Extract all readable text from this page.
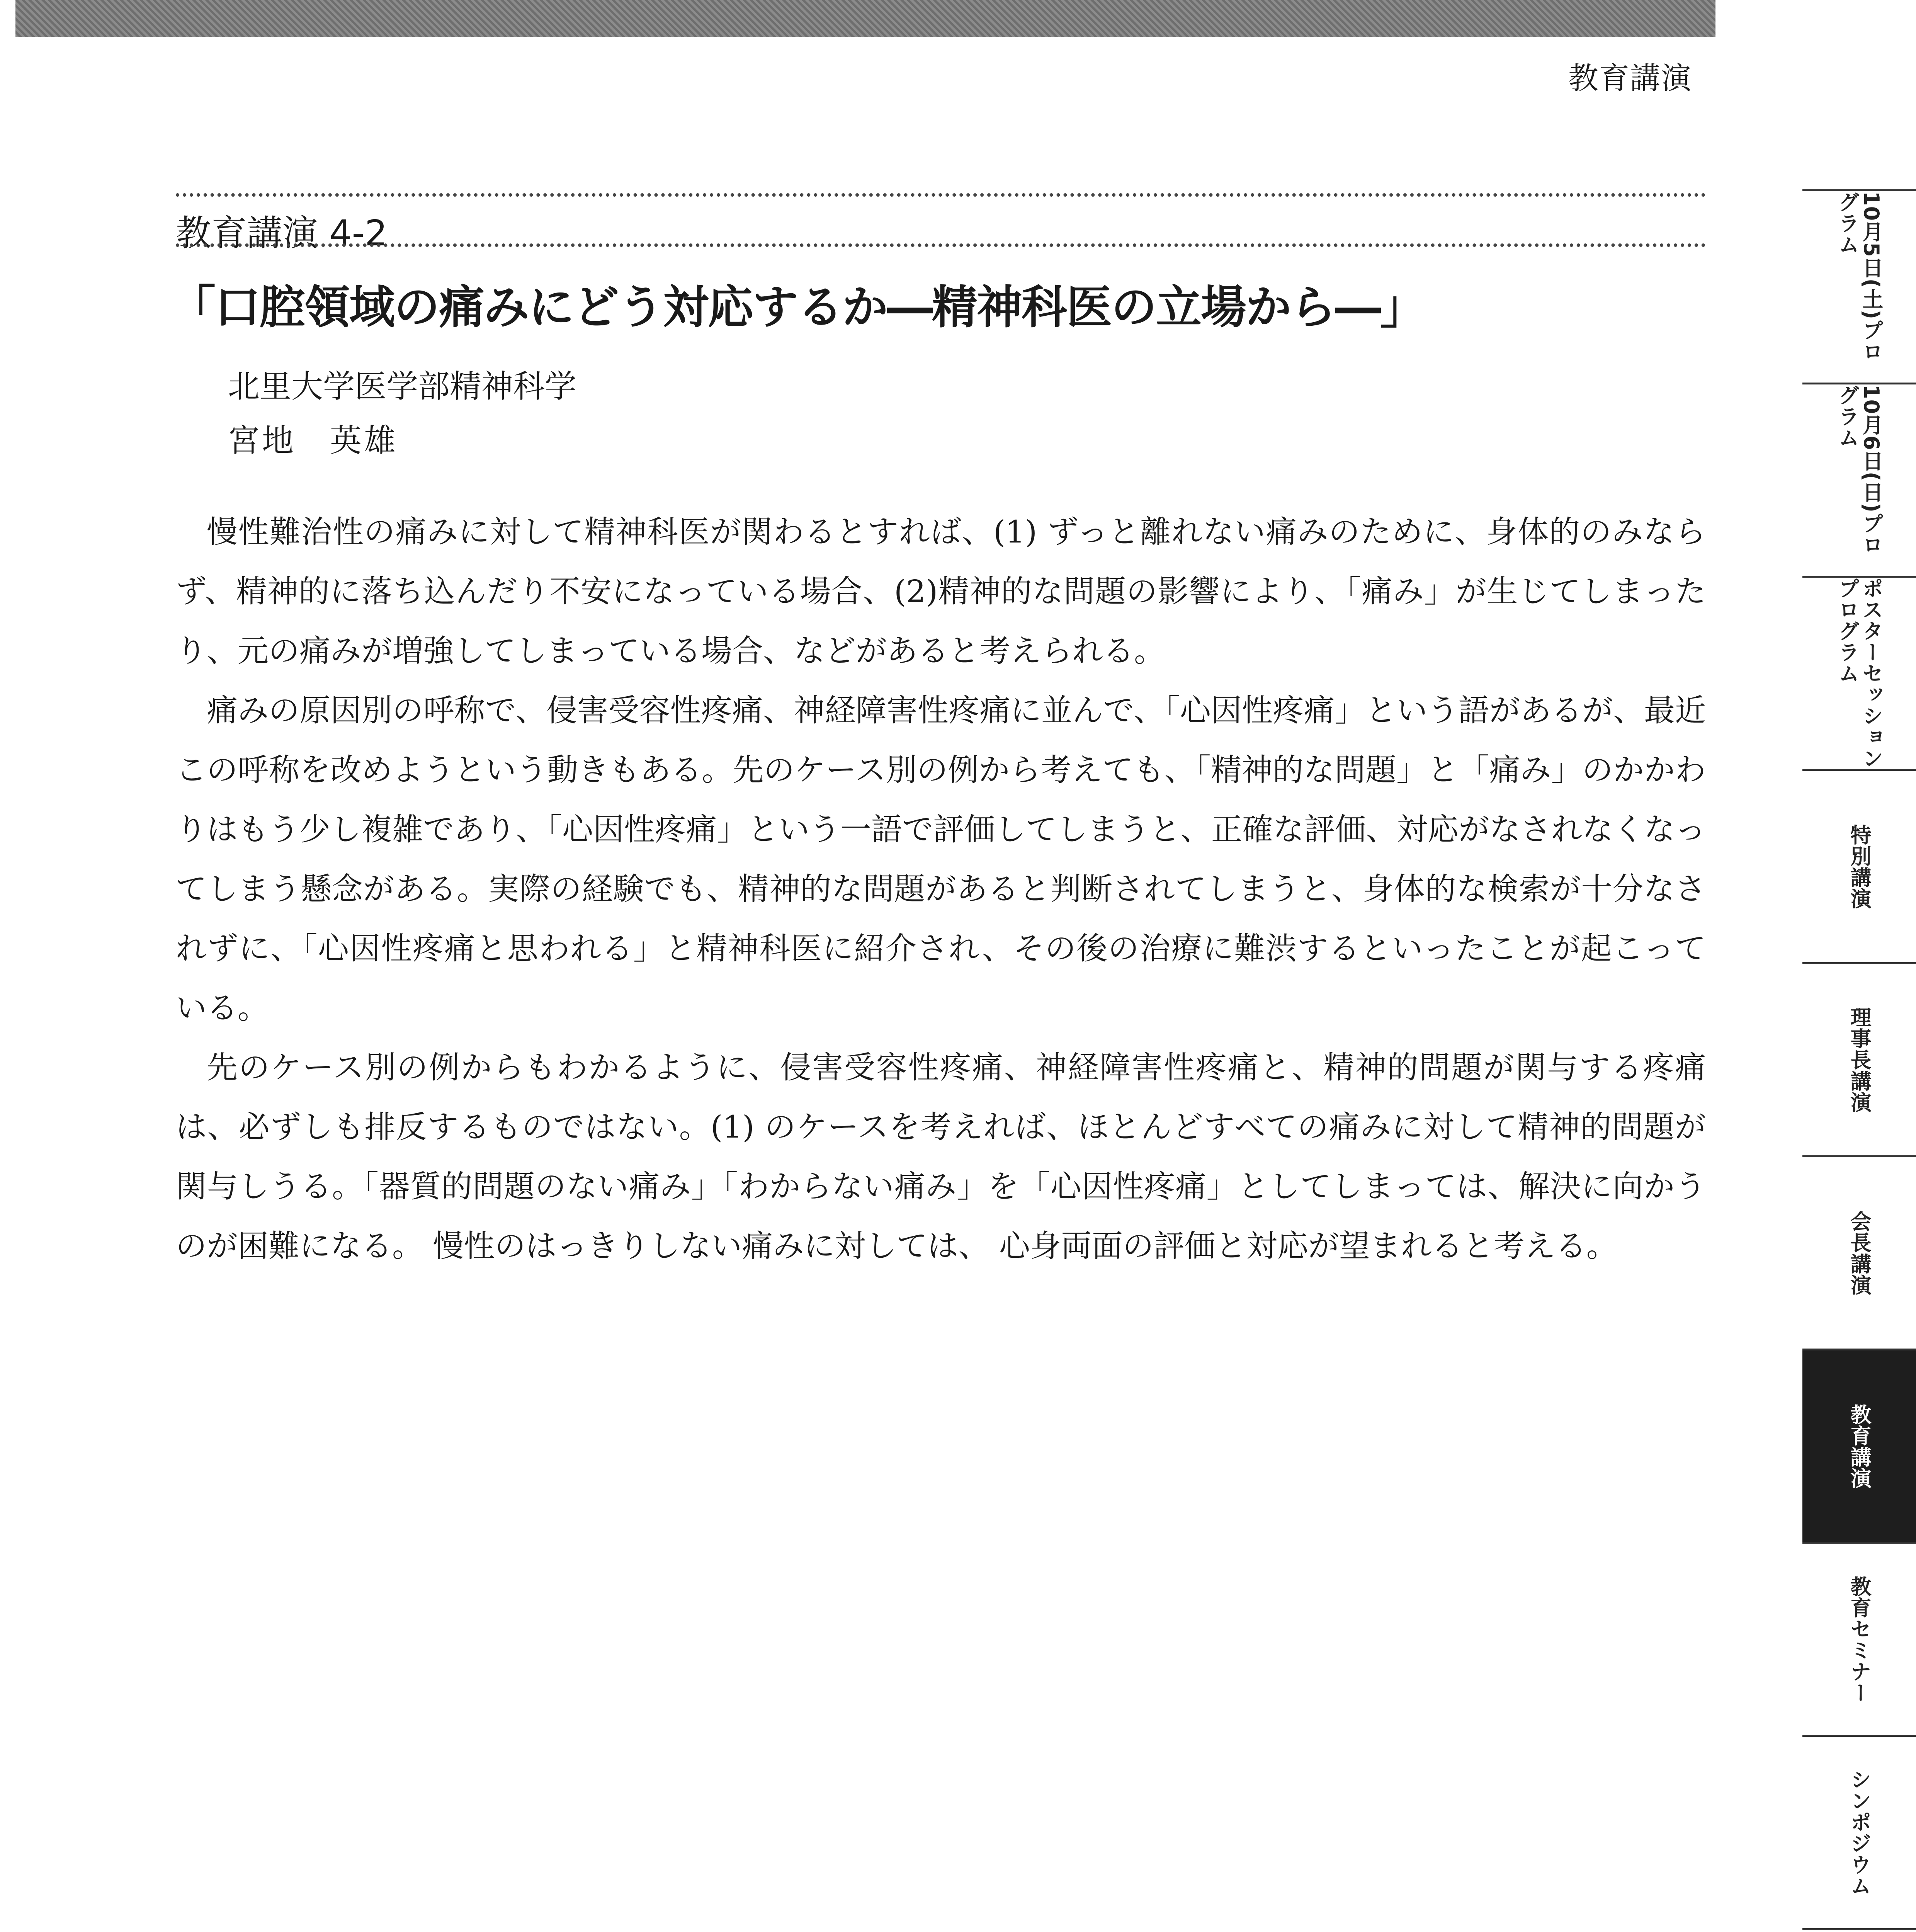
教育講演
教育講演 4-2
「口腔領域の痛みにどう対応するか―精神科医の立場から―」
北里大学医学部精神科学
宮地　英雄

慢性難治性の痛みに対して精神科医が関わるとすれば、(1) ずっと離れない痛みのために、身体的のみならず、精神的に落ち込んだり不安になっている場合、(2)精神的な問題の影響により、「痛み」が生じてしまったり、元の痛みが増強してしまっている場合、などがあると考えられる。

痛みの原因別の呼称で、侵害受容性疼痛、神経障害性疼痛に並んで、「心因性疼痛」という語があるが、最近この呼称を改めようという動きもある。先のケース別の例から考えても、「精神的な問題」と「痛み」のかかわりはもう少し複雑であり、「心因性疼痛」という一語で評価してしまうと、正確な評価、対応がなされなくなってしまう懸念がある。実際の経験でも、精神的な問題があると判断されてしまうと、身体的な検索が十分なされずに、「心因性疼痛と思われる」と精神科医に紹介され、その後の治療に難渋するといったことが起こっている。

先のケース別の例からもわかるように、侵害受容性疼痛、神経障害性疼痛と、精神的問題が関与する疼痛は、必ずしも排反するものではない。(1) のケースを考えれば、ほとんどすべての痛みに対して精神的問題が関与しうる。「器質的問題のない痛み」「わからない痛み」を「心因性疼痛」としてしまっては、解決に向かうのが困難になる。 慢性のはっきりしない痛みに対しては、 心身両面の評価と対応が望まれると考える。

10月5日(土)プログラム
10月6日(日)プログラム
ポスターセッションプログラム
特別講演
理事長講演
会長講演
教育講演
教育セミナー
シンポジウム
